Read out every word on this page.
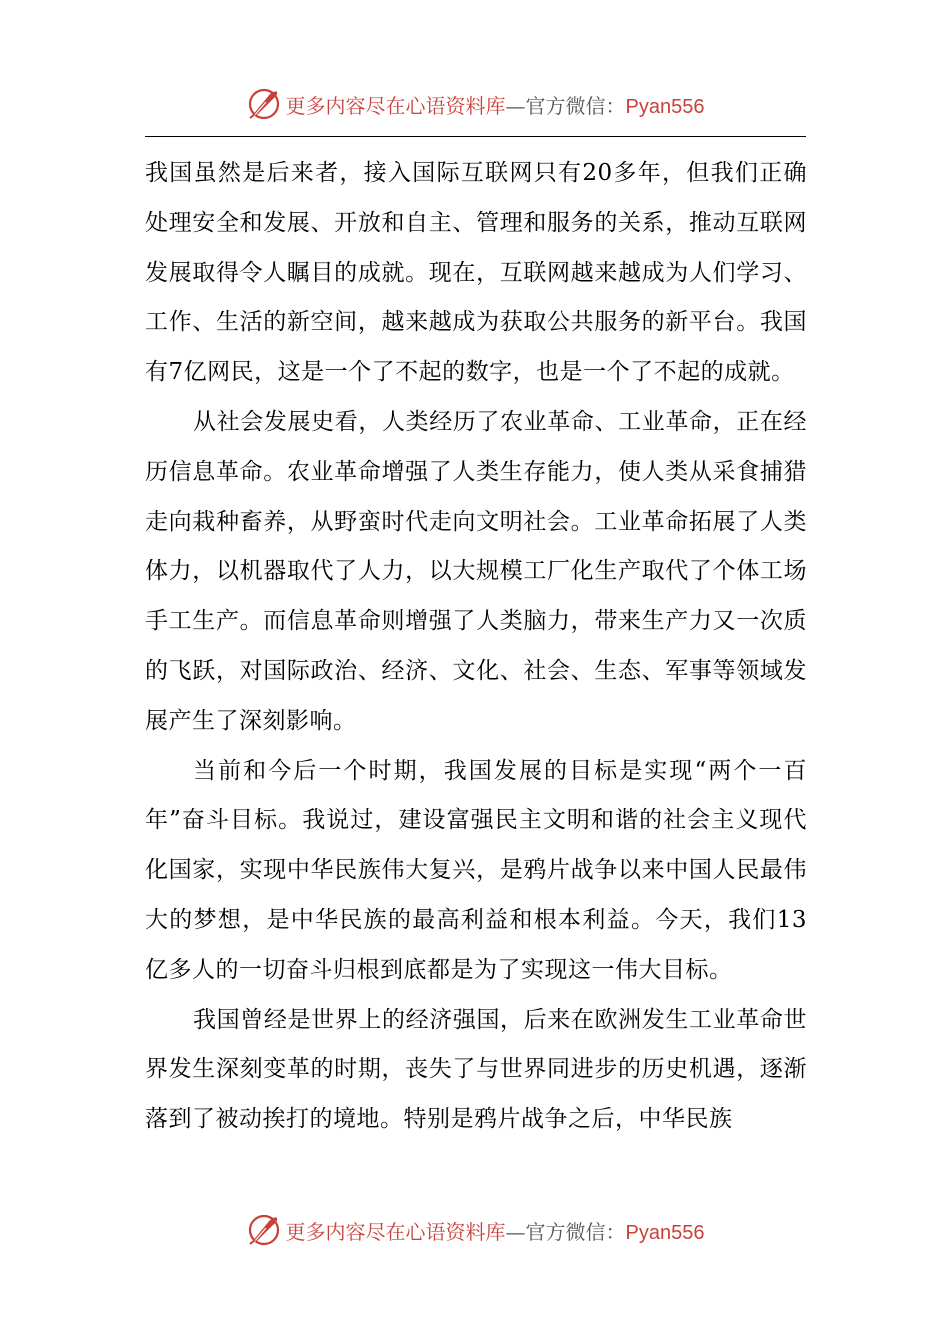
更多内容尽在心语资料库—官方微信：Pyan556

我国虽然是后来者，接入国际互联网只有20多年，但我们正确处理安全和发展、开放和自主、管理和服务的关系，推动互联网发展取得令人瞩目的成就。现在，互联网越来越成为人们学习、工作、生活的新空间，越来越成为获取公共服务的新平台。我国有7亿网民，这是一个了不起的数字，也是一个了不起的成就。

从社会发展史看，人类经历了农业革命、工业革命，正在经历信息革命。农业革命增强了人类生存能力，使人类从采食捕猎走向栽种畜养，从野蛮时代走向文明社会。工业革命拓展了人类体力，以机器取代了人力，以大规模工厂化生产取代了个体工场手工生产。而信息革命则增强了人类脑力，带来生产力又一次质的飞跃，对国际政治、经济、文化、社会、生态、军事等领域发展产生了深刻影响。

当前和今后一个时期，我国发展的目标是实现“两个一百年”奋斗目标。我说过，建设富强民主文明和谐的社会主义现代化国家，实现中华民族伟大复兴，是鸦片战争以来中国人民最伟大的梦想，是中华民族的最高利益和根本利益。今天，我们13亿多人的一切奋斗归根到底都是为了实现这一伟大目标。

我国曾经是世界上的经济强国，后来在欧洲发生工业革命世界发生深刻变革的时期，丧失了与世界同进步的历史机遇，逐渐落到了被动挨打的境地。特别是鸦片战争之后，中华民族

更多内容尽在心语资料库—官方微信：Pyan556
